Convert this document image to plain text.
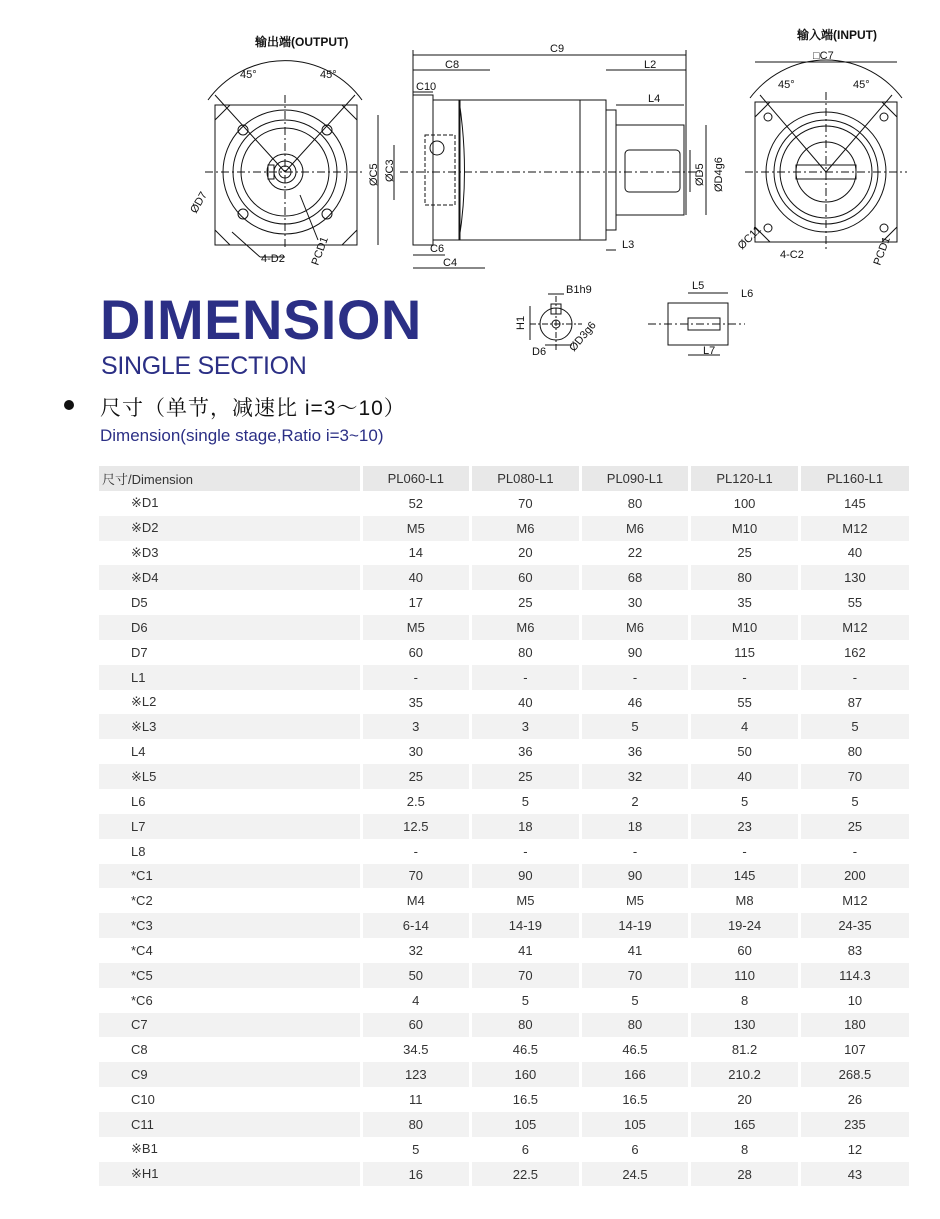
输出端(OUTPUT)	输入端(INPUT)
45°	45°
45°	45°
ØD7
4-D2 PCD1
C9
C8	L2
C10
L4
ØC5 ØC3	ØD5 ØD4g6
C6
C4
L3
□C7
ØC11
4-C2	PCD1
B1h9
H1	ØD3g6
D6
L5
L6
L7
DIMENSION
SINGLE SECTION
尺寸（单节，减速比 i=3～10）
Dimension(single stage,Ratio i=3~10)
尺寸/Dimension	PL060-L1	PL080-L1	PL090-L1	PL120-L1	PL160-L1
※D1	52	70	80	100	145
※D2	M5	M6	M6	M10	M12
※D3	14	20	22	25	40
※D4	40	60	68	80	130
D5	17	25	30	35	55
D6	M5	M6	M6	M10	M12
D7	60	80	90	115	162
L1	-	-	-	-	-
※L2	35	40	46	55	87
※L3	3	3	5	4	5
L4	30	36	36	50	80
※L5	25	25	32	40	70
L6	2.5	5	2	5	5
L7	12.5	18	18	23	25
L8	-	-	-	-	-
*C1	70	90	90	145	200
*C2	M4	M5	M5	M8	M12
*C3	6-14	14-19	14-19	19-24	24-35
*C4	32	41	41	60	83
*C5	50	70	70	110	114.3
*C6	4	5	5	8	10
C7	60	80	80	130	180
C8	34.5	46.5	46.5	81.2	107
C9	123	160	166	210.2	268.5
C10	11	16.5	16.5	20	26
C11	80	105	105	165	235
※B1	5	6	6	8	12
※H1	16	22.5	24.5	28	43
